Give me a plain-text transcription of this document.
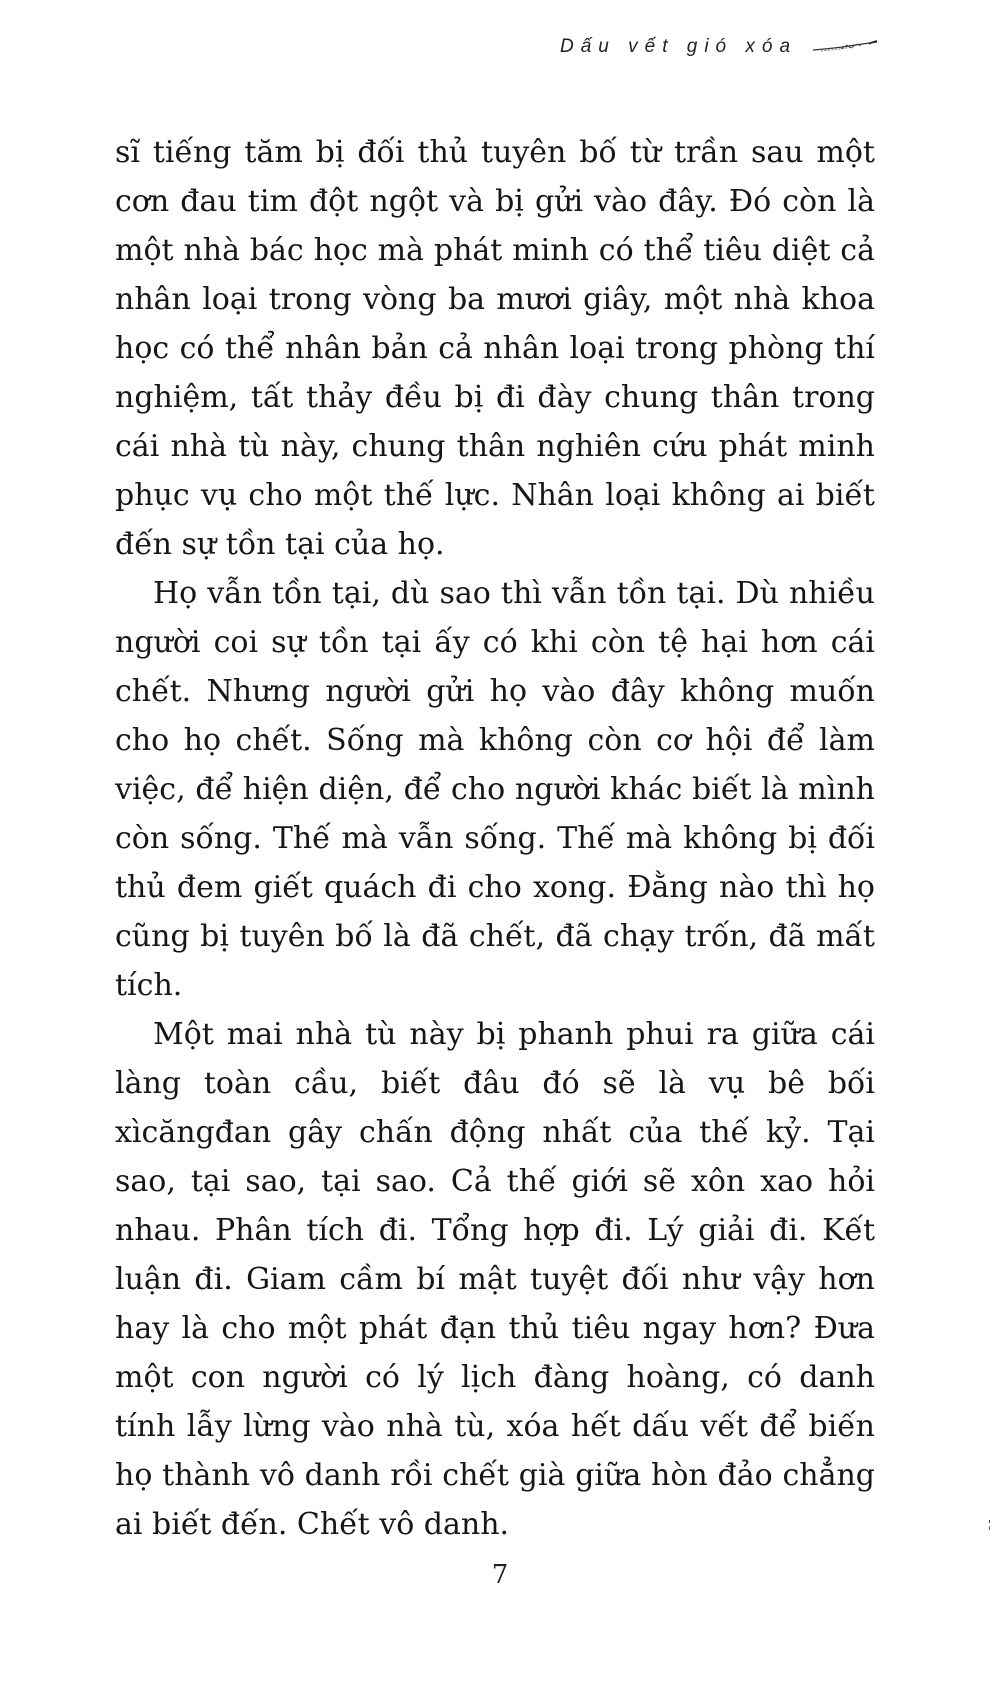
Dấu vết gió xóa

sĩ tiếng tăm bị đối thủ tuyên bố từ trần sau một cơn đau tim đột ngột và bị gửi vào đây. Đó còn là một nhà bác học mà phát minh có thể tiêu diệt cả nhân loại trong vòng ba mươi giây, một nhà khoa học có thể nhân bản cả nhân loại trong phòng thí nghiệm, tất thảy đều bị đi đày chung thân trong cái nhà tù này, chung thân nghiên cứu phát minh phục vụ cho một thế lực. Nhân loại không ai biết đến sự tồn tại của họ.

Họ vẫn tồn tại, dù sao thì vẫn tồn tại. Dù nhiều người coi sự tồn tại ấy có khi còn tệ hại hơn cái chết. Nhưng người gửi họ vào đây không muốn cho họ chết. Sống mà không còn cơ hội để làm việc, để hiện diện, để cho người khác biết là mình còn sống. Thế mà vẫn sống. Thế mà không bị đối thủ đem giết quách đi cho xong. Đằng nào thì họ cũng bị tuyên bố là đã chết, đã chạy trốn, đã mất tích.

Một mai nhà tù này bị phanh phui ra giữa cái làng toàn cầu, biết đâu đó sẽ là vụ bê bối xìcăngđan gây chấn động nhất của thế kỷ. Tại sao, tại sao, tại sao. Cả thế giới sẽ xôn xao hỏi nhau. Phân tích đi. Tổng hợp đi. Lý giải đi. Kết luận đi. Giam cầm bí mật tuyệt đối như vậy hơn hay là cho một phát đạn thủ tiêu ngay hơn? Đưa một con người có lý lịch đàng hoàng, có danh tính lẫy lừng vào nhà tù, xóa hết dấu vết để biến họ thành vô danh rồi chết già giữa hòn đảo chẳng ai biết đến. Chết vô danh.

7
